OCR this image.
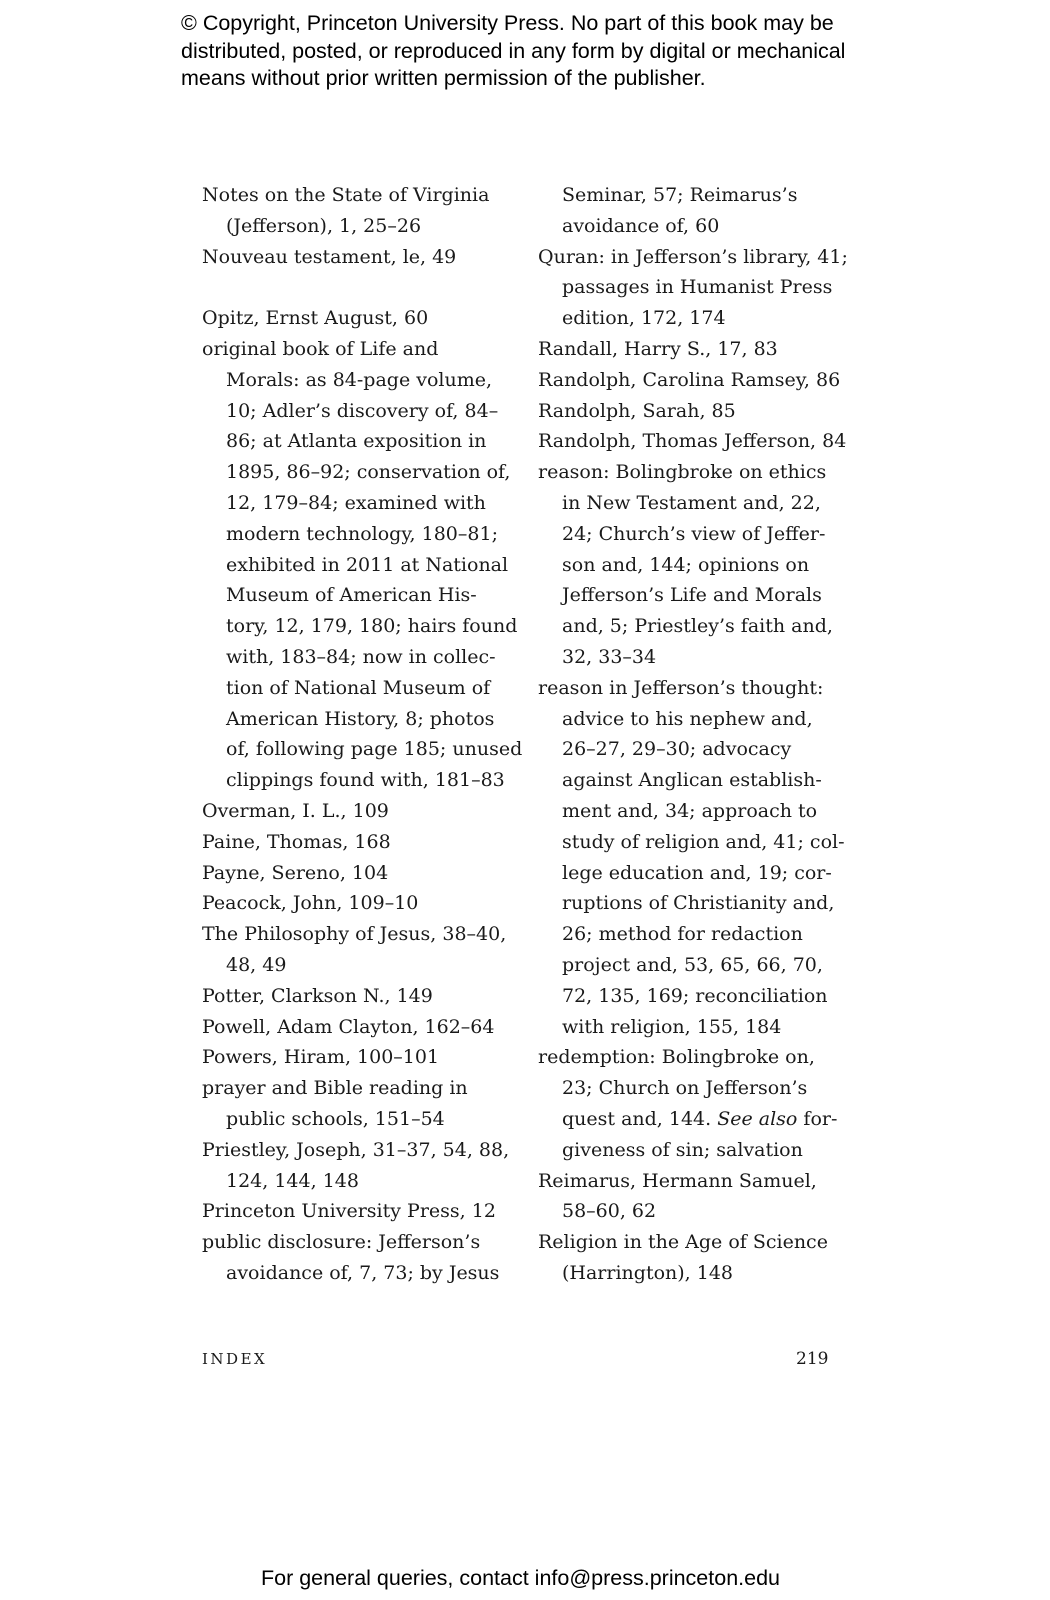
© Copyright, Princeton University Press. No part of this book may be
distributed, posted, or reproduced in any form by digital or mechanical
means without prior written permission of the publisher.
Notes on the State of Virginia
(Jefferson), 1, 25–26
Nouveau testament, le, 49
Opitz, Ernst August, 60
original book of Life and
Morals: as 84-page volume,
10; Adler’s discovery of, 84–
86; at Atlanta exposition in
1895, 86–92; conservation of,
12, 179–84; examined with
modern technology, 180–81;
exhibited in 2011 at National
Museum of American His-
tory, 12, 179, 180; hairs found
with, 183–84; now in collec-
tion of National Museum of
American History, 8; photos
of, following page 185; unused
clippings found with, 181–83
Overman, I. L., 109
Paine, Thomas, 168
Payne, Sereno, 104
Peacock, John, 109–10
The Philosophy of Jesus, 38–40,
48, 49
Potter, Clarkson N., 149
Powell, Adam Clayton, 162–64
Powers, Hiram, 100–101
prayer and Bible reading in
public schools, 151–54
Priestley, Joseph, 31–37, 54, 88,
124, 144, 148
Princeton University Press, 12
public disclosure: Jefferson’s
avoidance of, 7, 73; by Jesus
Seminar, 57; Reimarus’s
avoidance of, 60
Quran: in Jefferson’s library, 41;
passages in Humanist Press
edition, 172, 174
Randall, Harry S., 17, 83
Randolph, Carolina Ramsey, 86
Randolph, Sarah, 85
Randolph, Thomas Jefferson, 84
reason: Bolingbroke on ethics
in New Testament and, 22,
24; Church’s view of Jeffer-
son and, 144; opinions on
Jefferson’s Life and Morals
and, 5; Priestley’s faith and,
32, 33–34
reason in Jefferson’s thought:
advice to his nephew and,
26–27, 29–30; advocacy
against Anglican establish-
ment and, 34; approach to
study of religion and, 41; col-
lege education and, 19; cor-
ruptions of Christianity and,
26; method for redaction
project and, 53, 65, 66, 70,
72, 135, 169; reconciliation
with religion, 155, 184
redemption: Bolingbroke on,
23; Church on Jefferson’s
quest and, 144. See also for-
giveness of sin; salvation
Reimarus, Hermann Samuel,
58–60, 62
Religion in the Age of Science
(Harrington), 148
INDEX	219
For general queries, contact info@press.princeton.edu
